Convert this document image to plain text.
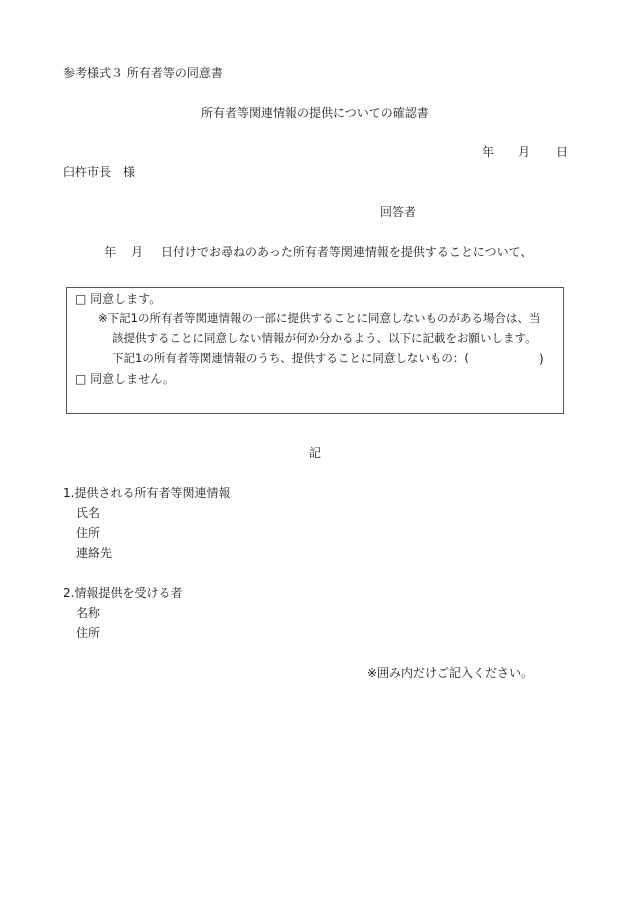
参考様式３ 所有者等の同意書
所有者等関連情報の提供についての確認書
年 月 日
臼杵市長　様
回答者
年 月 日付けでお尋ねのあった所有者等関連情報を提供することについて、
□ 同意します。
※下記1の所有者等関連情報の一部に提供することに同意しないものがある場合は、当
該提供することに同意しない情報が何か分かるよう、以下に記載をお願いします。
下記1の所有者等関連情報のうち、提供することに同意しないもの：(	)
□ 同意しません。
記
1.提供される所有者等関連情報
氏名
住所
連絡先
2.情報提供を受ける者
名称
住所
※囲み内だけご記入ください。
